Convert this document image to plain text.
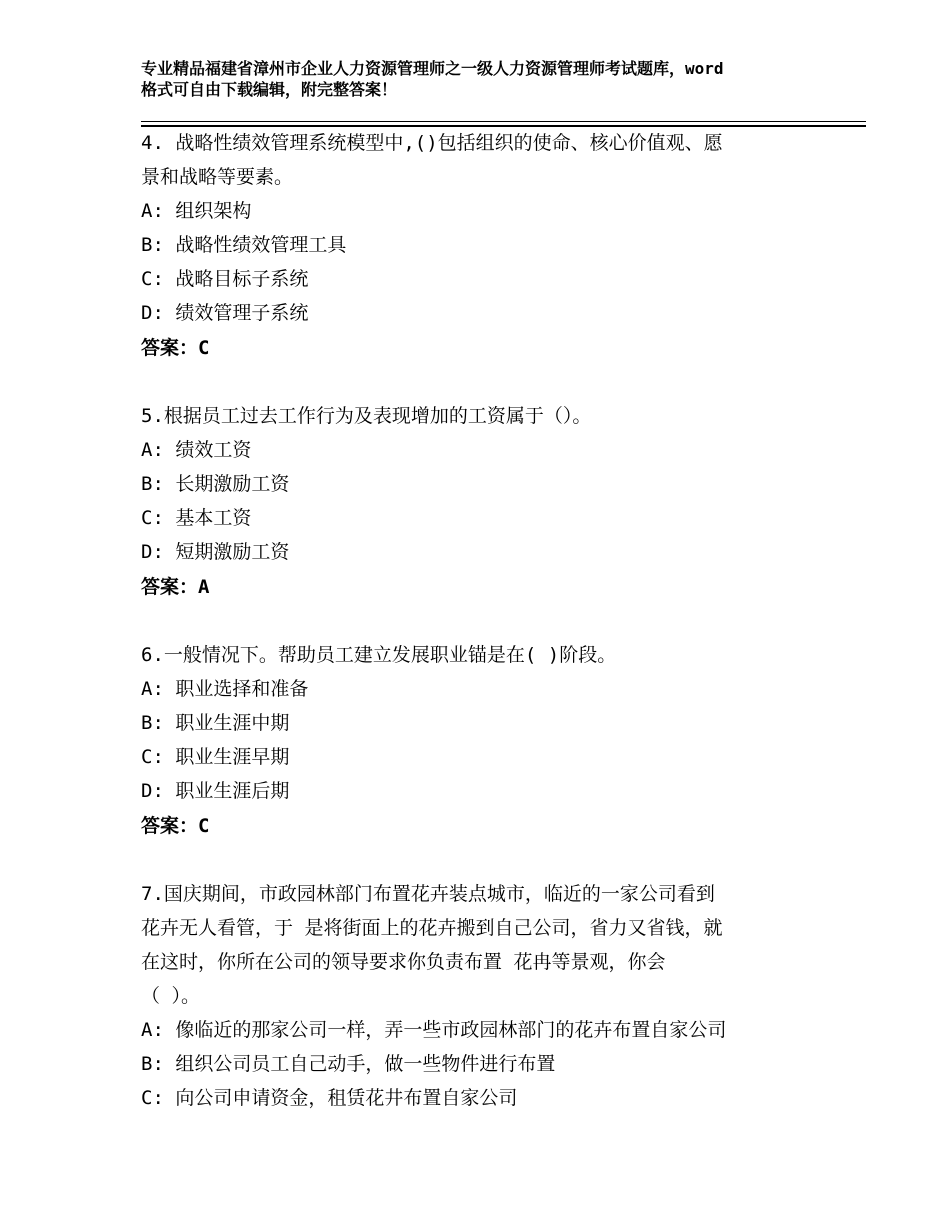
专业精品福建省漳州市企业人力资源管理师之一级人力资源管理师考试题库，word
格式可自由下载编辑，附完整答案！
4. 战略性绩效管理系统模型中,()包括组织的使命、核心价值观、愿
景和战略等要素。
A: 组织架构
B: 战略性绩效管理工具
C: 战略目标子系统
D: 绩效管理子系统
答案：C
5.根据员工过去工作行为及表现增加的工资属于（）。
A: 绩效工资
B: 长期激励工资
C: 基本工资
D: 短期激励工资
答案：A
6.一般情况下。帮助员工建立发展职业锚是在( )阶段。
A: 职业选择和准备
B: 职业生涯中期
C: 职业生涯早期
D: 职业生涯后期
答案：C
7.国庆期间，市政园林部门布置花卉装点城市，临近的一家公司看到
花卉无人看管，于 是将街面上的花卉搬到自己公司，省力又省钱，就
在这时，你所在公司的领导要求你负责布置 花冉等景观，你会
（ ）。
A: 像临近的那家公司一样，弄一些市政园林部门的花卉布置自家公司
B: 组织公司员工自己动手，做一些物件进行布置
C: 向公司申请资金，租赁花井布置自家公司
